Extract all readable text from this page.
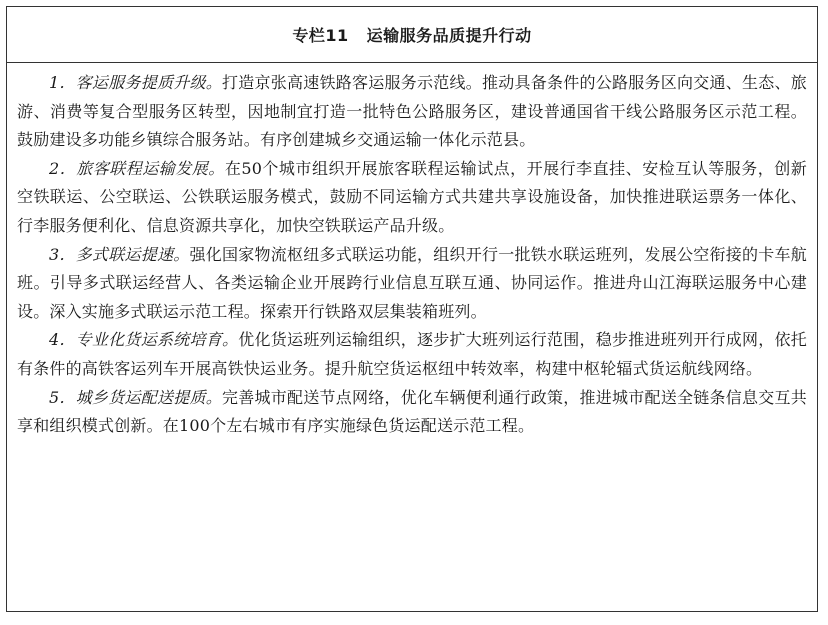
专栏11 运输服务品质提升行动

1．客运服务提质升级。打造京张高速铁路客运服务示范线。推动具备条件的公路服务区向交通、生态、旅游、消费等复合型服务区转型，因地制宜打造一批特色公路服务区，建设普通国省干线公路服务区示范工程。鼓励建设多功能乡镇综合服务站。有序创建城乡交通运输一体化示范县。

2．旅客联程运输发展。在50个城市组织开展旅客联程运输试点，开展行李直挂、安检互认等服务，创新空铁联运、公空联运、公铁联运服务模式，鼓励不同运输方式共建共享设施设备，加快推进联运票务一体化、行李服务便利化、信息资源共享化，加快空铁联运产品升级。

3．多式联运提速。强化国家物流枢纽多式联运功能，组织开行一批铁水联运班列，发展公空衔接的卡车航班。引导多式联运经营人、各类运输企业开展跨行业信息互联互通、协同运作。推进舟山江海联运服务中心建设。深入实施多式联运示范工程。探索开行铁路双层集装箱班列。

4．专业化货运系统培育。优化货运班列运输组织，逐步扩大班列运行范围，稳步推进班列开行成网，依托有条件的高铁客运列车开展高铁快运业务。提升航空货运枢纽中转效率，构建中枢轮辐式货运航线网络。

5．城乡货运配送提质。完善城市配送节点网络，优化车辆便利通行政策，推进城市配送全链条信息交互共享和组织模式创新。在100个左右城市有序实施绿色货运配送示范工程。
